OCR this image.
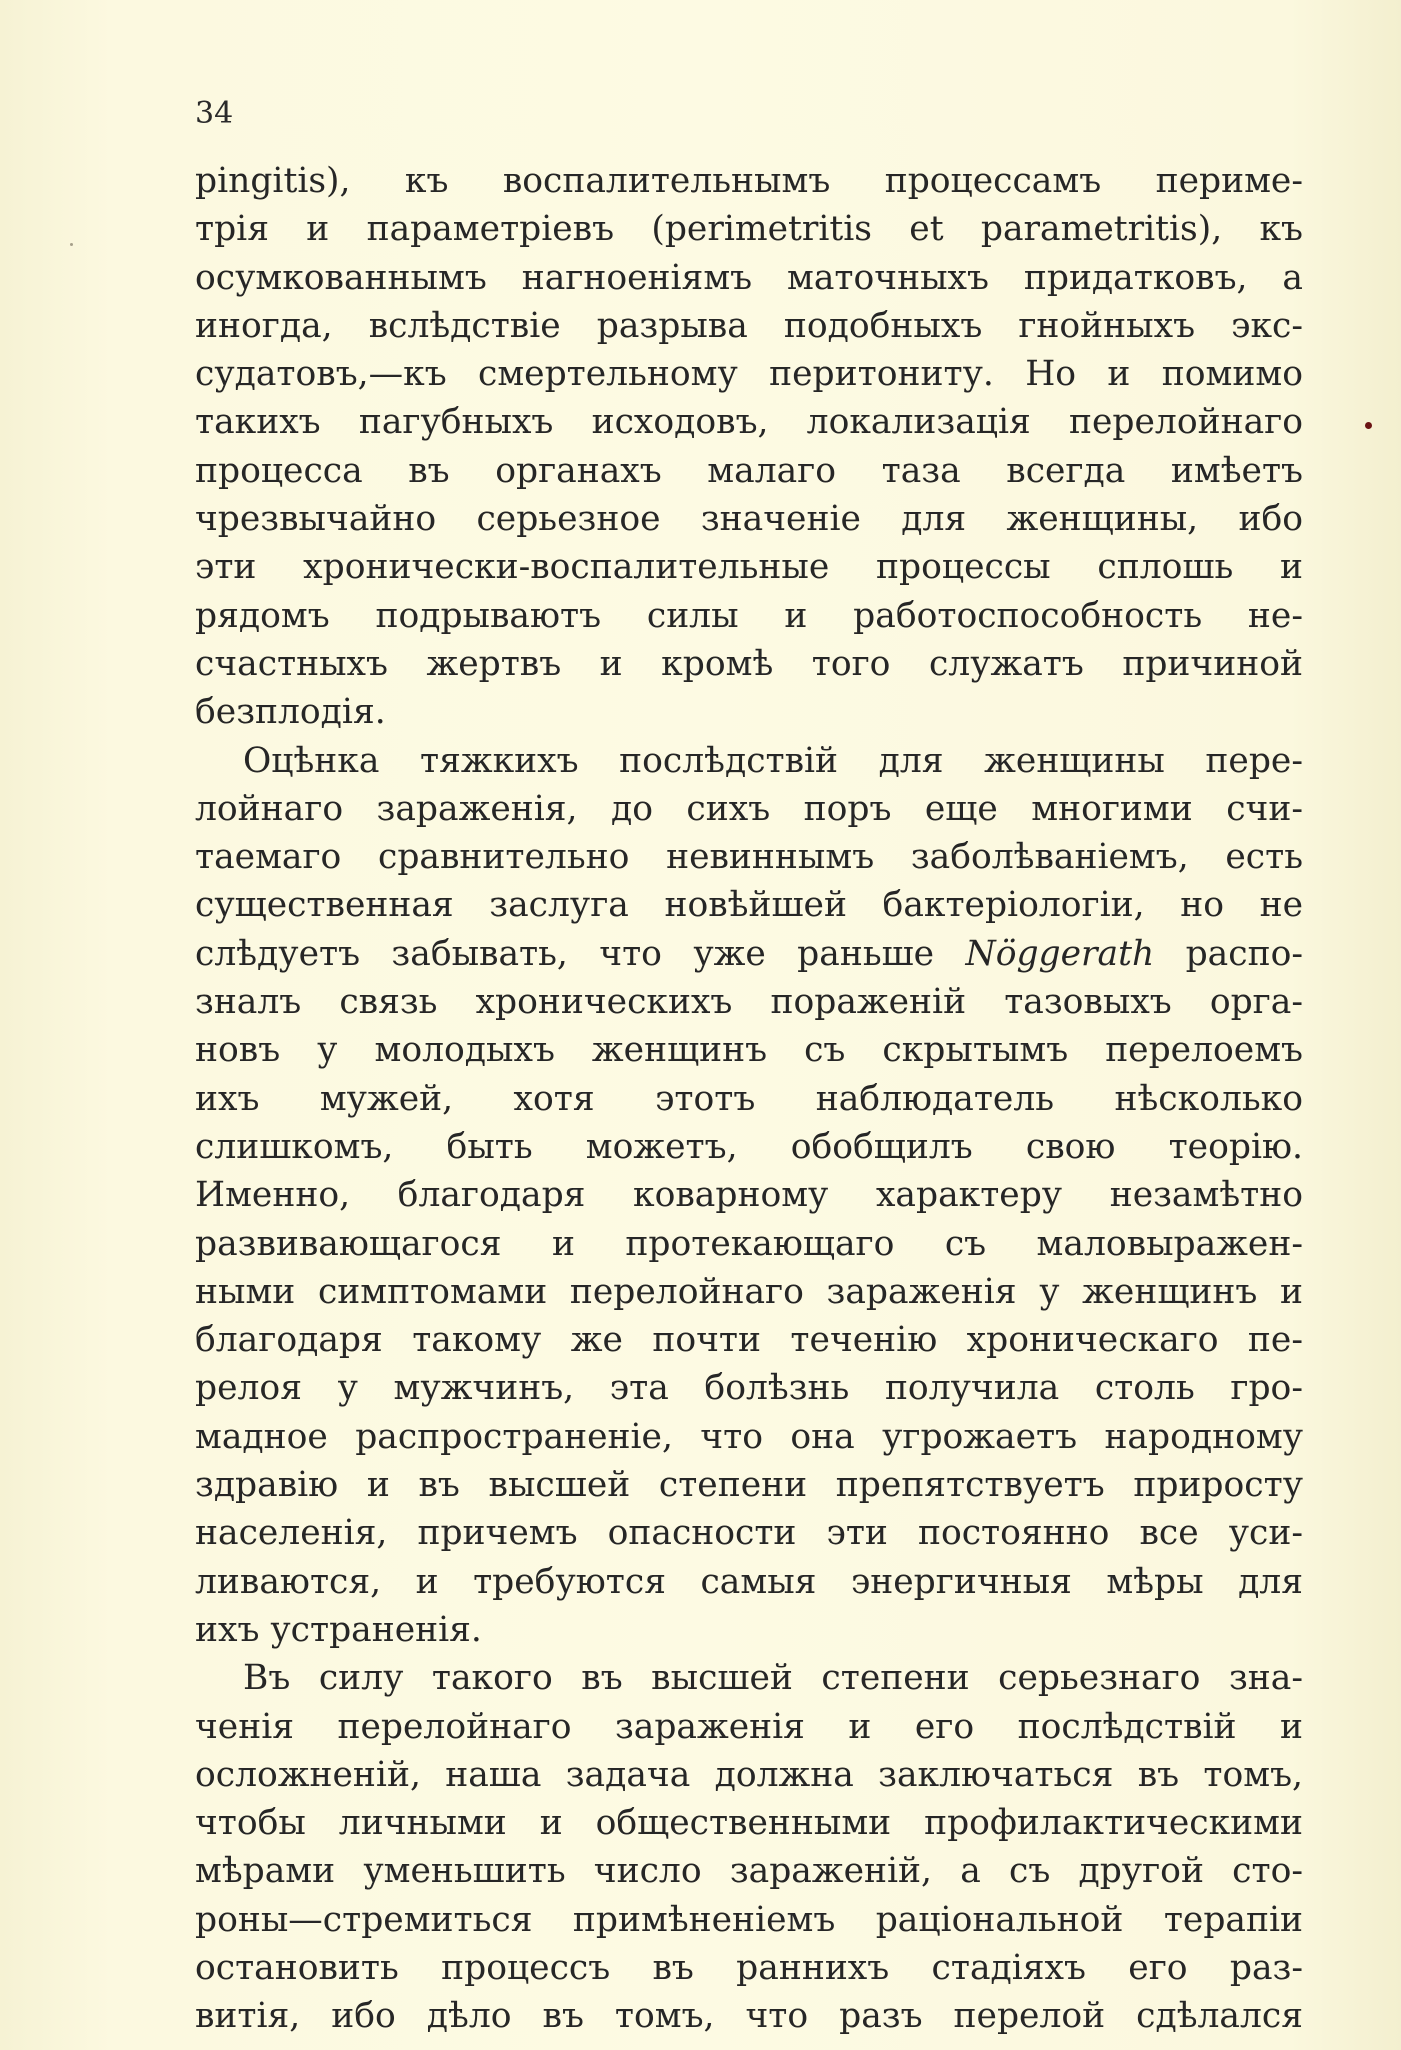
34
pingitis), къ воспалительнымъ процессамъ перимe-
трія и параметріевъ (perimetritis et parametritis), къ
осумкованнымъ нагноеніямъ маточныхъ придатковъ, а
иногда, вслѣдствіе разрыва подобныхъ гнойныхъ экс-
судатовъ,—къ смертельному перитониту. Но и помимо
такихъ пагубныхъ исходовъ, локализація перелойнаго
процесса въ органахъ малаго таза всегда имѣетъ
чрезвычайно серьезное значеніе для женщины, ибо
эти хронически-воспалительные процессы сплошь и
рядомъ подрываютъ силы и работоспособность не-
счастныхъ жертвъ и кромѣ того служатъ причиной
безплодія.
Оцѣнка тяжкихъ послѣдствій для женщины пере-
лойнаго зараженія, до сихъ поръ еще многими счи-
таемаго сравнительно невиннымъ заболѣваніемъ, есть
существенная заслуга новѣйшей бактеріологіи, но не
слѣдуетъ забывать, что уже раньше Nöggerath распо-
зналъ связь хроническихъ пораженій тазовыхъ орга-
новъ у молодыхъ женщинъ съ скрытымъ перелоемъ
ихъ мужей, хотя этотъ наблюдатель нѣсколько
слишкомъ, быть можетъ, обобщилъ свою теорію.
Именно, благодаря коварному характеру незамѣтно
развивающагося и протекающаго съ маловыражен-
ными симптомами перелойнаго зараженія у женщинъ и
благодаря такому же почти теченію хроническаго пе-
релоя у мужчинъ, эта болѣзнь получила столь гро-
мадное распространеніе, что она угрожаетъ народному
здравію и въ высшей степени препятствуетъ приросту
населенія, причемъ опасности эти постоянно все уси-
ливаются, и требуются самыя энергичныя мѣры для
ихъ устраненія.
Въ силу такого въ высшей степени серьезнаго зна-
ченія перелойнаго зараженія и его послѣдствій и
осложненій, наша задача должна заключаться въ томъ,
чтобы личными и общественными профилактическими
мѣрами уменьшить число зараженій, а съ другой сто-
роны—стремиться примѣненіемъ раціональной терапіи
остановить процессъ въ раннихъ стадіяхъ его раз-
витія, ибо дѣло въ томъ, что разъ перелой сдѣлался
